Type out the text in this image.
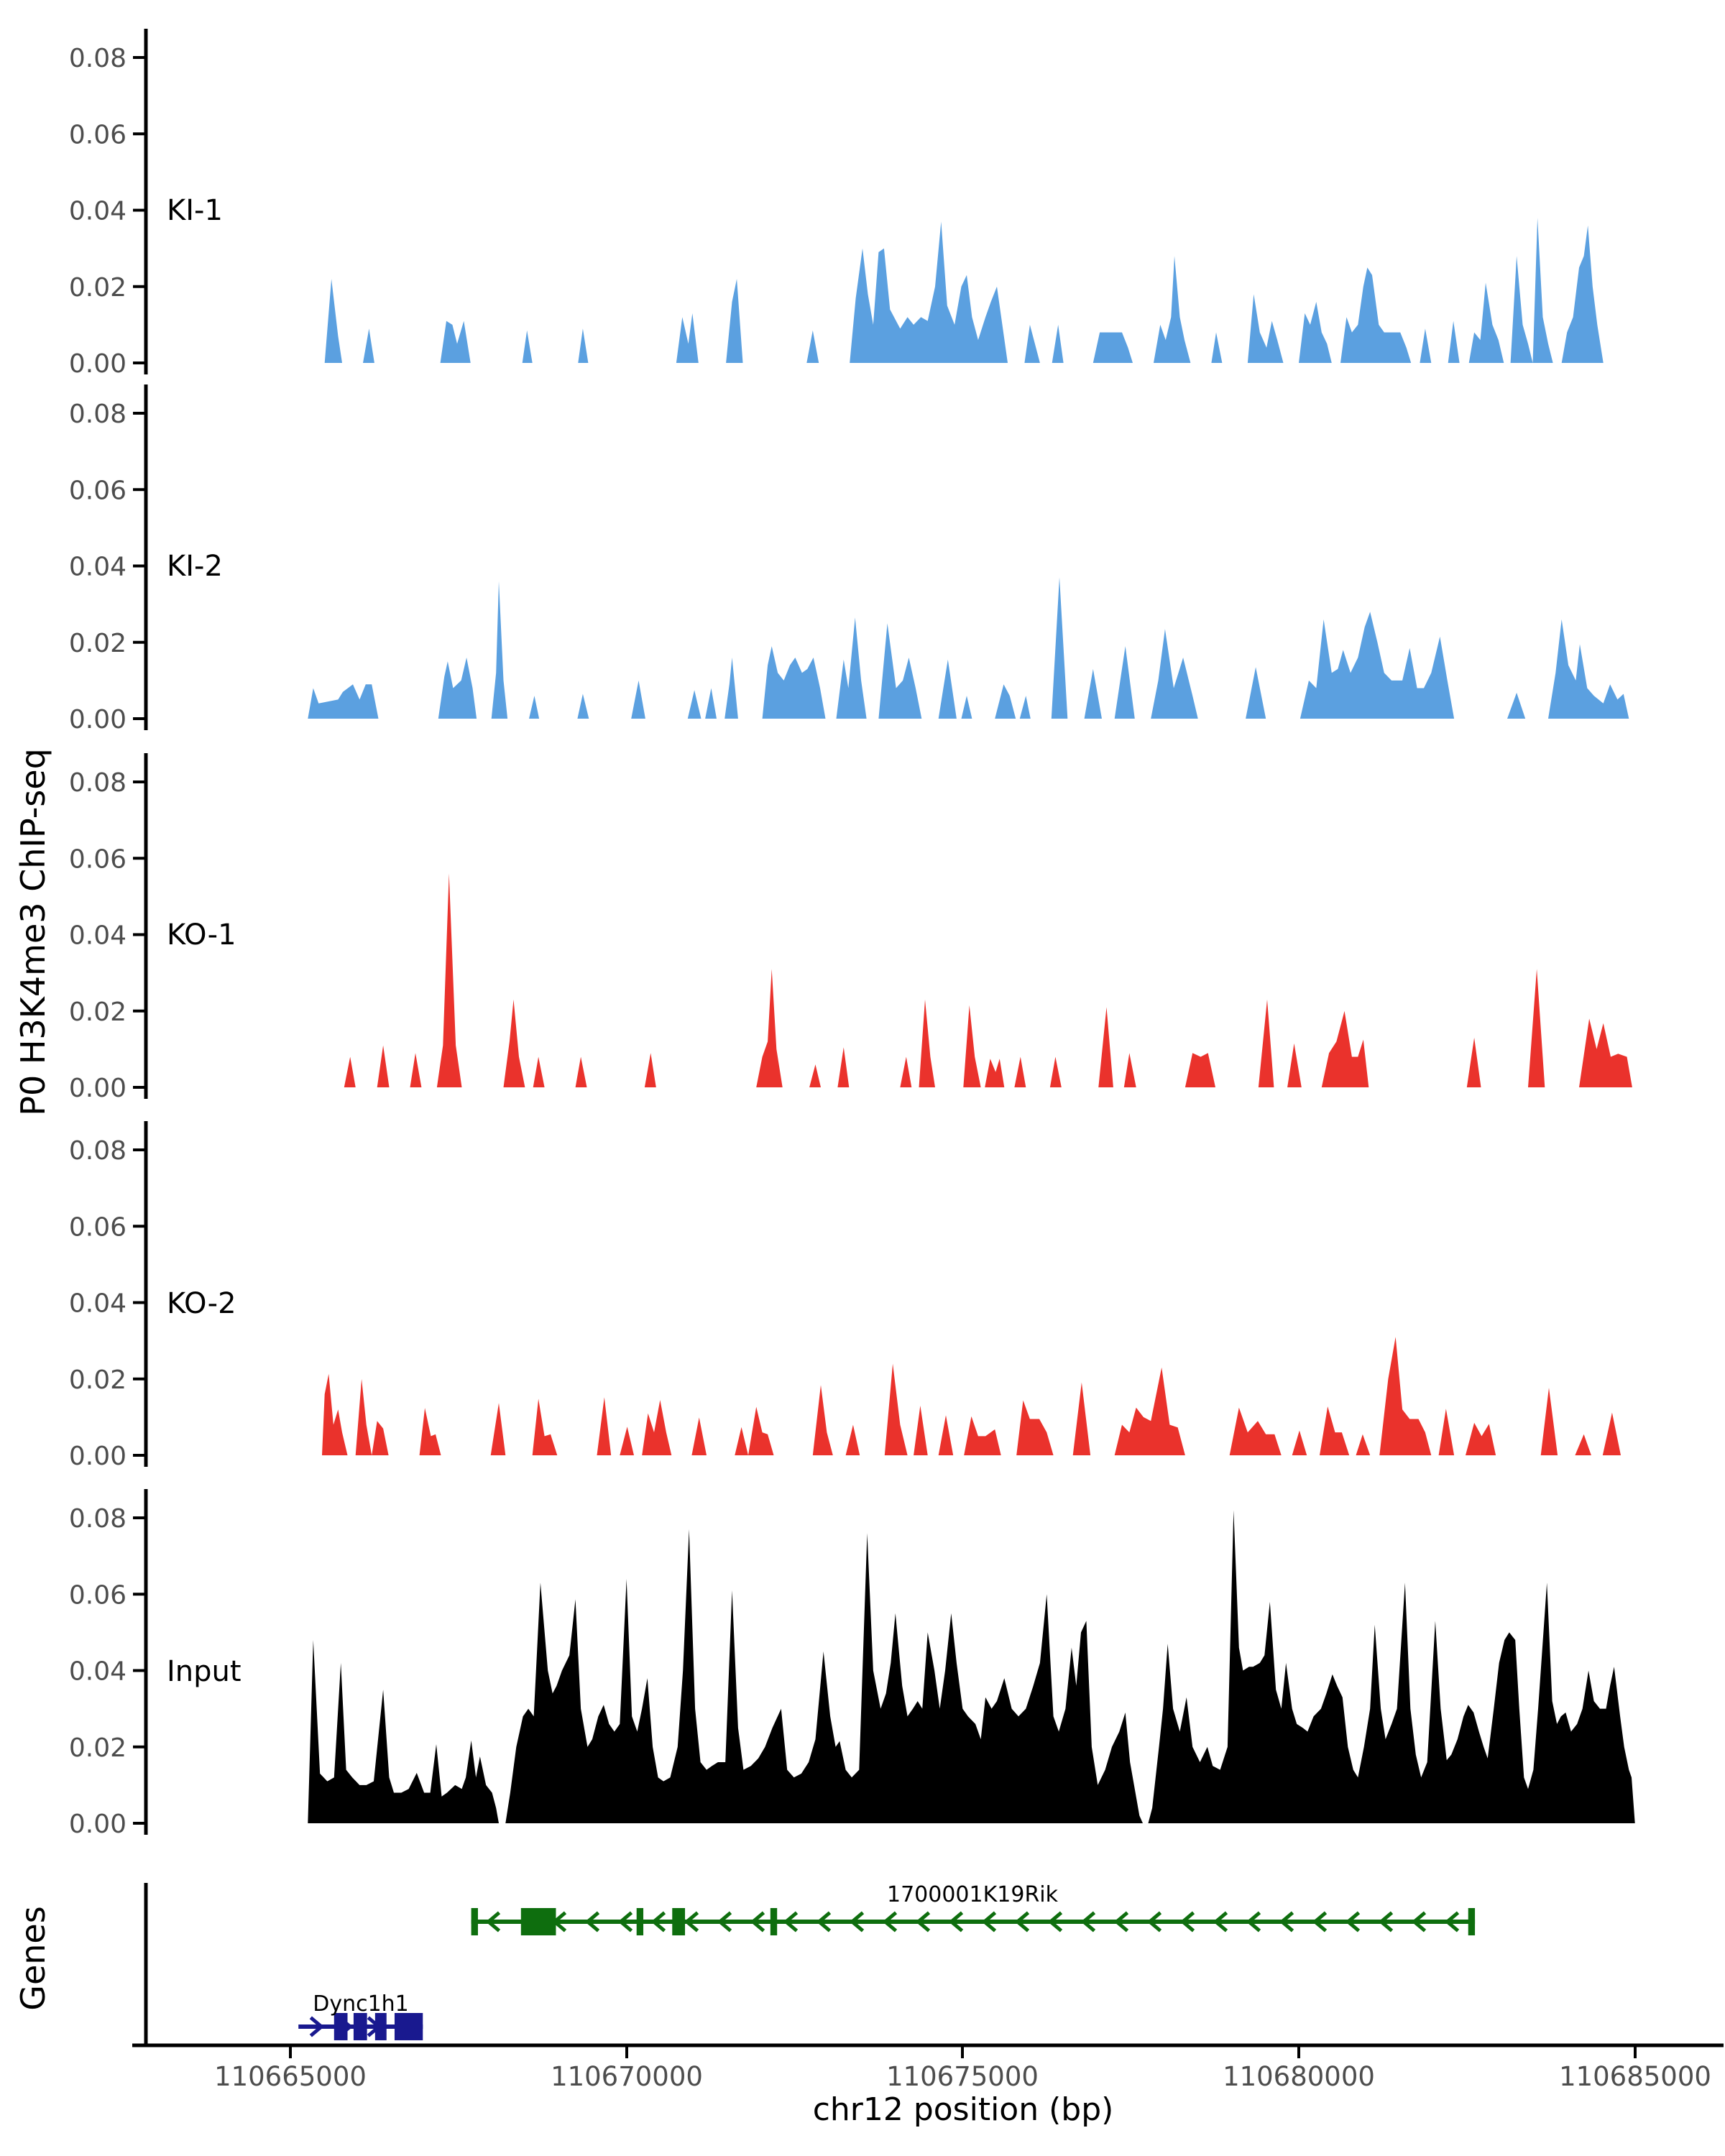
0.00
0.02
0.04
0.06
0.08
0.00
0.02
0.04
0.06
0.08
0.00
0.02
0.04
0.06
0.08
0.00
0.02
0.04
0.06
0.08
0.00
0.02
0.04
0.06
0.08
P0 H3K4me3 ChIP-seq
Genes
chr12 position (bp)
KI-1
KI-2
KO-1
KO-2
Input
110665000	110670000	110675000	110680000	110685000
1700001K19Rik
Dync1h1
